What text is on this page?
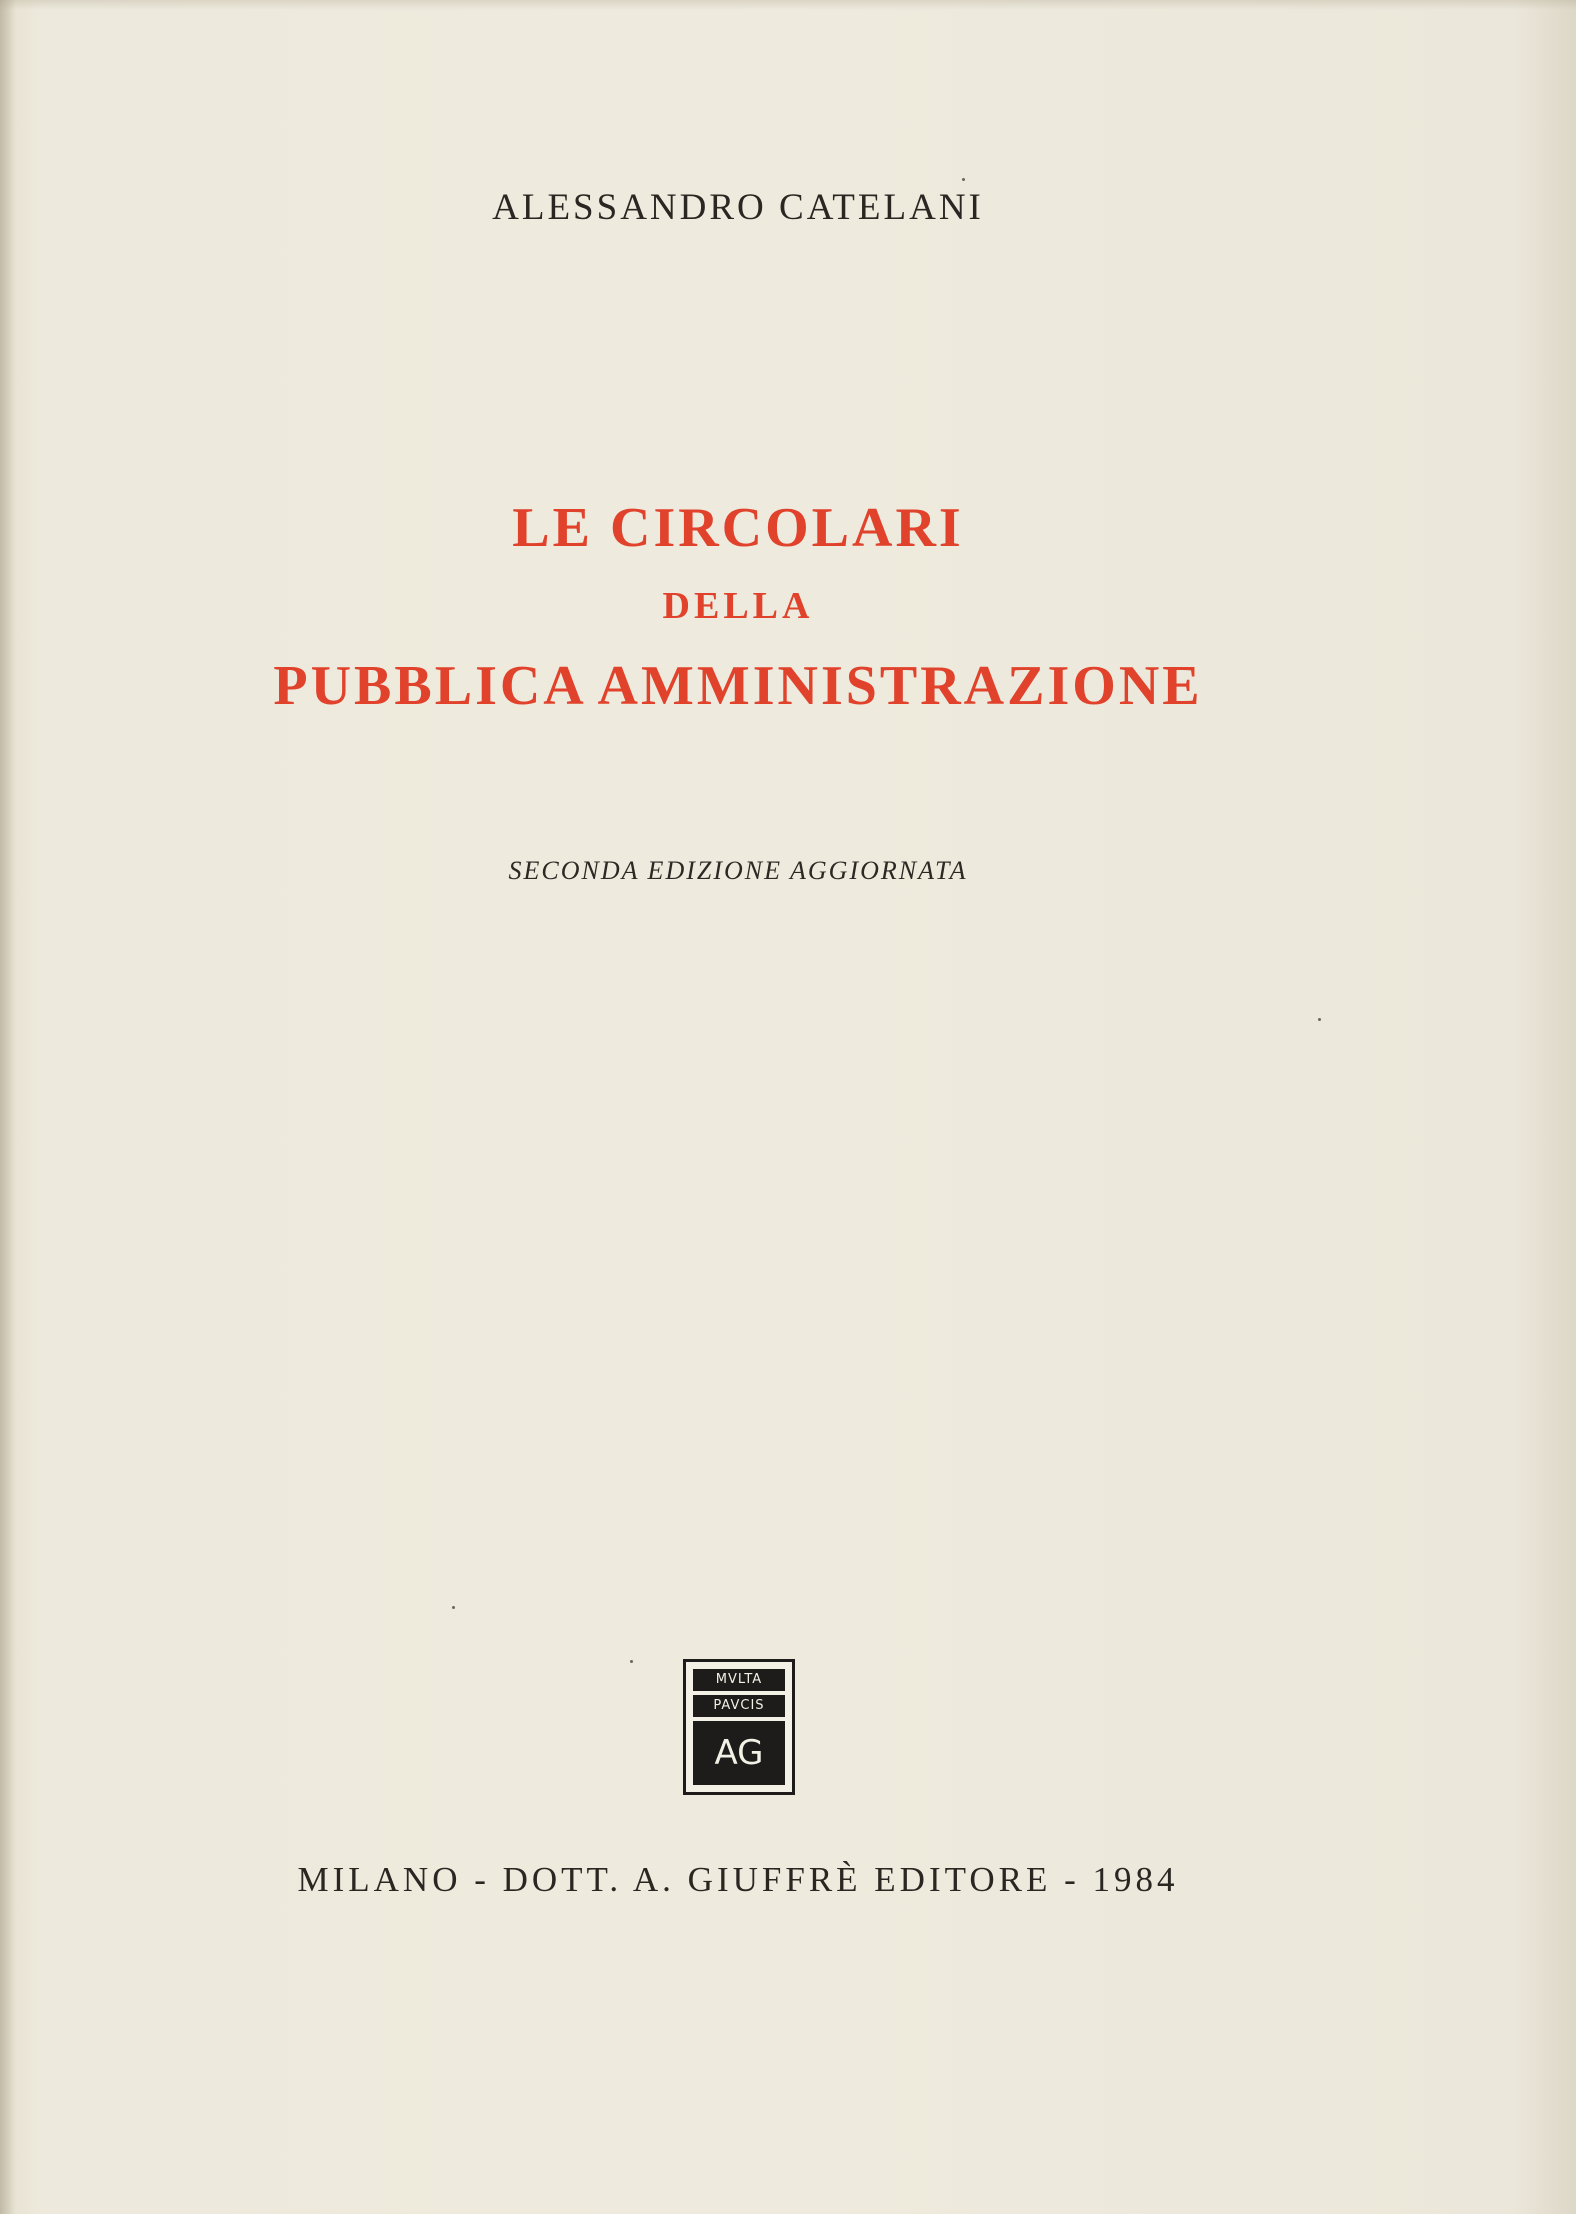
ALESSANDRO CATELANI
LE CIRCOLARI
DELLA
PUBBLICA AMMINISTRAZIONE
SECONDA EDIZIONE AGGIORNATA
MVLTA
PAVCIS
AG
MILANO - DOTT. A. GIUFFRÈ EDITORE - 1984
